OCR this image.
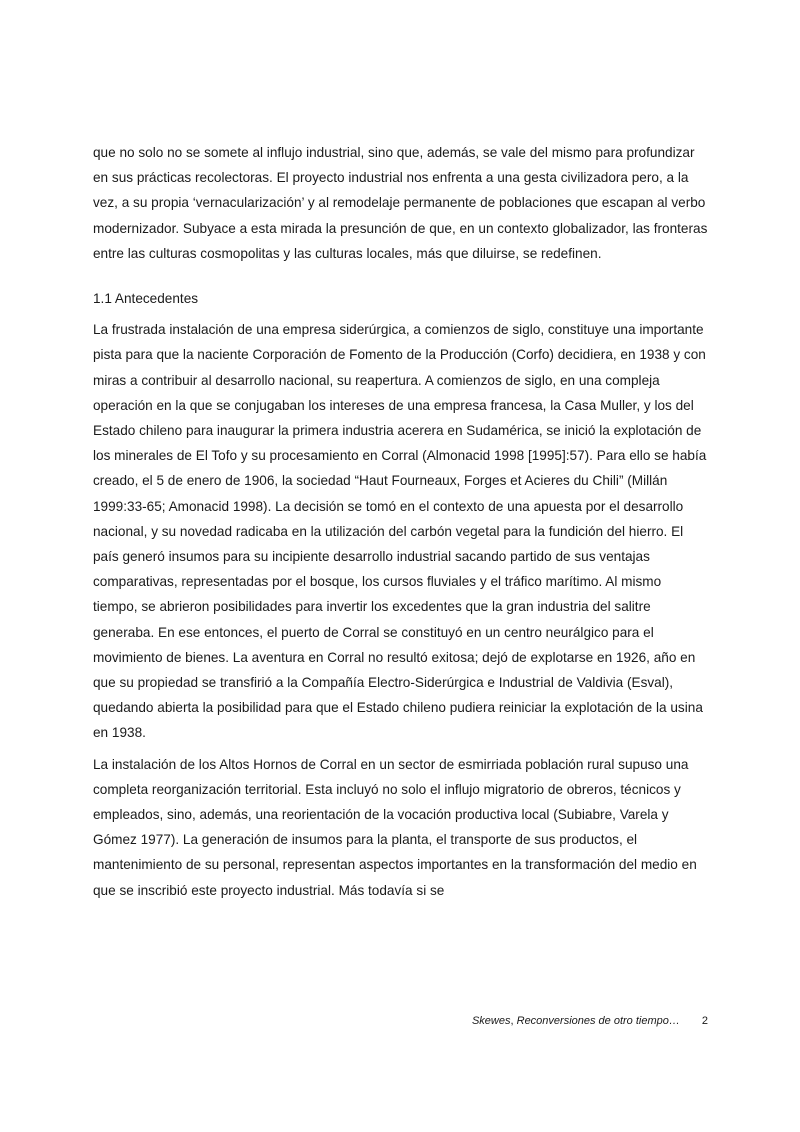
que no solo no se somete al influjo industrial, sino que, además, se vale del mismo para profundizar en sus prácticas recolectoras. El proyecto industrial nos enfrenta a una gesta civilizadora pero, a la vez, a su propia ‘vernacularización’ y al remodelaje permanente de poblaciones que escapan al verbo modernizador. Subyace a esta mirada la presunción de que, en un contexto globalizador, las fronteras entre las culturas cosmopolitas y las culturas locales, más que diluirse, se redefinen.

1.1 Antecedentes

La frustrada instalación de una empresa siderúrgica, a comienzos de siglo, constituye una importante pista para que la naciente Corporación de Fomento de la Producción (Corfo) decidiera, en 1938 y con miras a contribuir al desarrollo nacional, su reapertura. A comienzos de siglo, en una compleja operación en la que se conjugaban los intereses de una empresa francesa, la Casa Muller, y los del Estado chileno para inaugurar la primera industria acerera en Sudamérica, se inició la explotación de los minerales de El Tofo y su procesamiento en Corral (Almonacid 1998 [1995]:57). Para ello se había creado, el 5 de enero de 1906, la sociedad “Haut Fourneaux, Forges et Acieres du Chili” (Millán 1999:33-65; Amonacid 1998). La decisión se tomó en el contexto de una apuesta por el desarrollo nacional, y su novedad radicaba en la utilización del carbón vegetal para la fundición del hierro. El país generó insumos para su incipiente desarrollo industrial sacando partido de sus ventajas comparativas, representadas por el bosque, los cursos fluviales y el tráfico marítimo. Al mismo tiempo, se abrieron posibilidades para invertir los excedentes que la gran industria del salitre generaba. En ese entonces, el puerto de Corral se constituyó en un centro neurálgico para el movimiento de bienes. La aventura en Corral no resultó exitosa; dejó de explotarse en 1926, año en que su propiedad se transfirió a la Compañía Electro-Siderúrgica e Industrial de Valdivia (Esval), quedando abierta la posibilidad para que el Estado chileno pudiera reiniciar la explotación de la usina en 1938.

La instalación de los Altos Hornos de Corral en un sector de esmirriada población rural supuso una completa reorganización territorial. Esta incluyó no solo el influjo migratorio de obreros, técnicos y empleados, sino, además, una reorientación de la vocación productiva local (Subiabre, Varela y Gómez 1977). La generación de insumos para la planta, el transporte de sus productos, el mantenimiento de su personal, representan aspectos importantes en la transformación del medio en que se inscribió este proyecto industrial. Más todavía si se

Skewes, Reconversiones de otro tiempo… 2
